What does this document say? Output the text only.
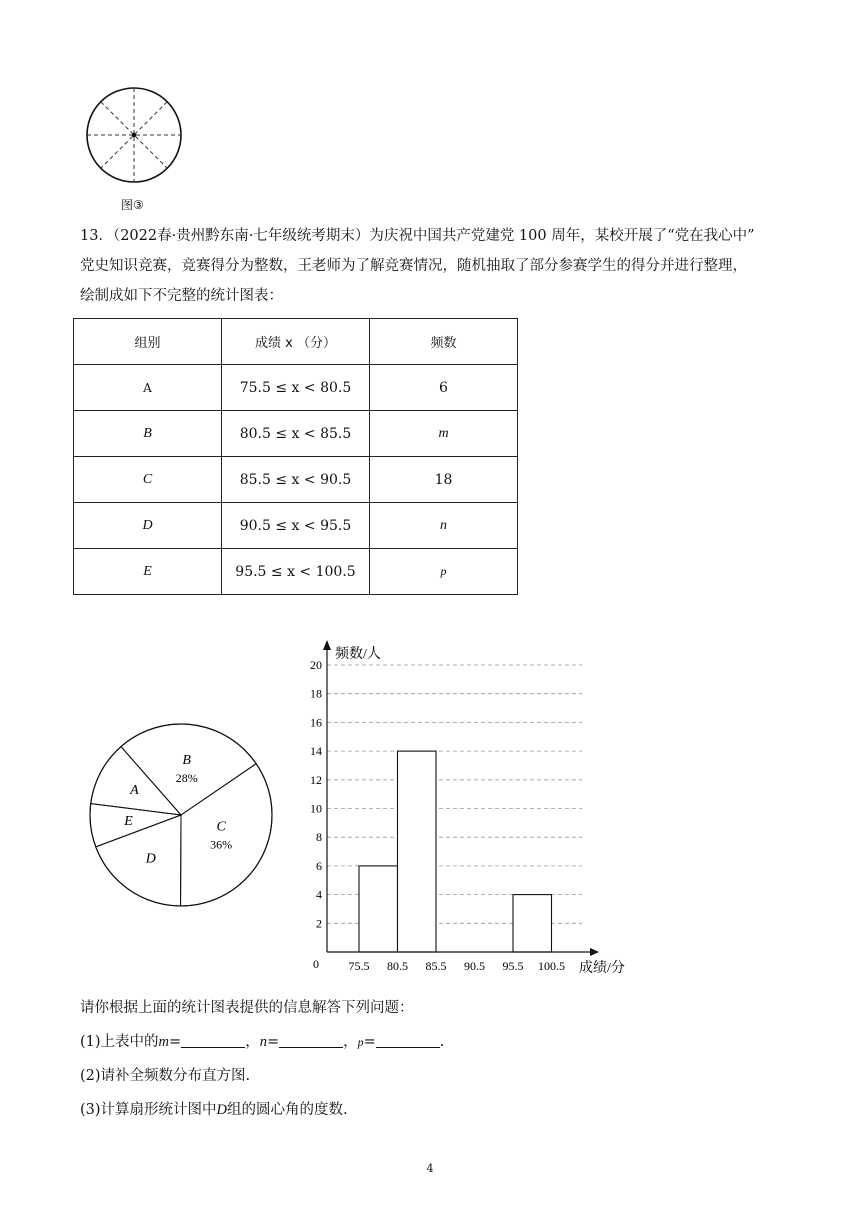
图③
13．（2022春·贵州黔东南·七年级统考期末）为庆祝中国共产党建党 100 周年，某校开展了“党在我心中”
党史知识竞赛，竞赛得分为整数，王老师为了解竞赛情况，随机抽取了部分参赛学生的得分并进行整理，
绘制成如下不完整的统计图表：
组别	成绩 x （分）	频数
A	75.5 ≤ x < 80.5	6
B	80.5 ≤ x < 85.5	m
C	85.5 ≤ x < 90.5	18
D	90.5 ≤ x < 95.5	n
E	95.5 ≤ x < 100.5	p
B
28%
C
36%
D
E
A
2
4
6
8
10
12
14
16
18
20
75.5 80.5 85.5 90.5 95.5 100.5
0
频数/人
成绩/分
请你根据上面的统计图表提供的信息解答下列问题：
(1)上表中的m=	，n=	，p=	.
(2)请补全频数分布直方图.
(3)计算扇形统计图中D组的圆心角的度数.
4
